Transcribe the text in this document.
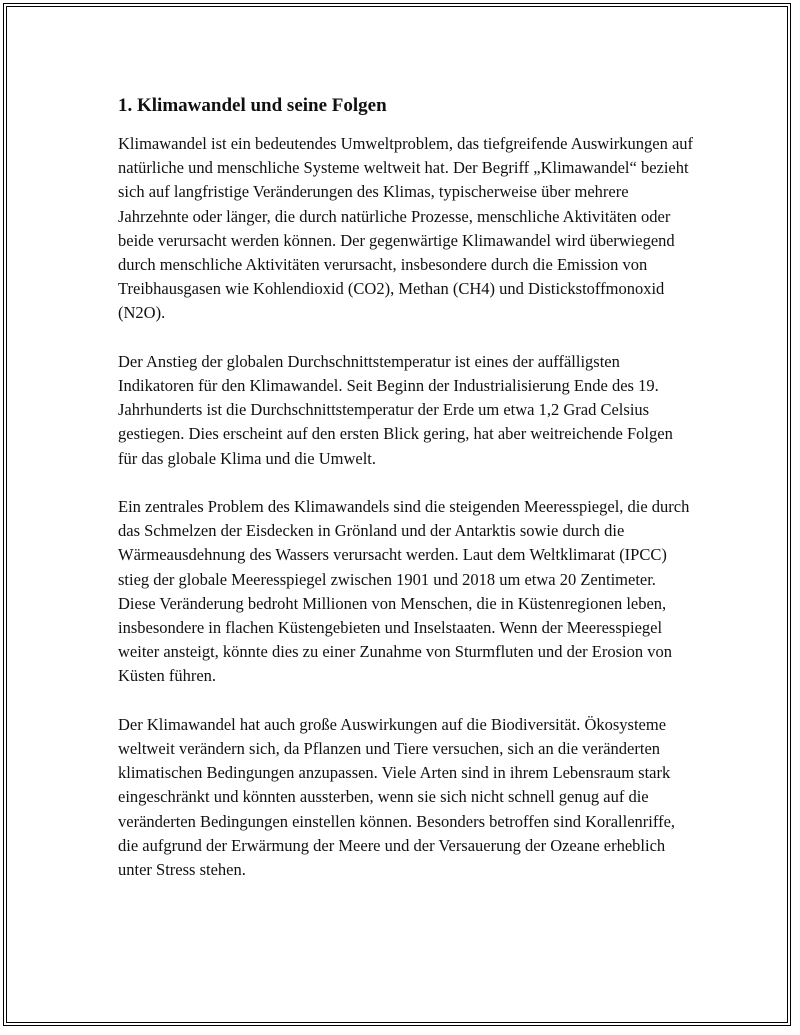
1. Klimawandel und seine Folgen

Klimawandel ist ein bedeutendes Umweltproblem, das tiefgreifende Auswirkungen auf natürliche und menschliche Systeme weltweit hat. Der Begriff „Klimawandel“ bezieht sich auf langfristige Veränderungen des Klimas, typischerweise über mehrere Jahrzehnte oder länger, die durch natürliche Prozesse, menschliche Aktivitäten oder beide verursacht werden können. Der gegenwärtige Klimawandel wird überwiegend durch menschliche Aktivitäten verursacht, insbesondere durch die Emission von Treibhausgasen wie Kohlendioxid (CO2), Methan (CH4) und Distickstoffmonoxid (N2O).

Der Anstieg der globalen Durchschnittstemperatur ist eines der auffälligsten Indikatoren für den Klimawandel. Seit Beginn der Industrialisierung Ende des 19. Jahrhunderts ist die Durchschnittstemperatur der Erde um etwa 1,2 Grad Celsius gestiegen. Dies erscheint auf den ersten Blick gering, hat aber weitreichende Folgen für das globale Klima und die Umwelt.

Ein zentrales Problem des Klimawandels sind die steigenden Meeresspiegel, die durch das Schmelzen der Eisdecken in Grönland und der Antarktis sowie durch die Wärmeausdehnung des Wassers verursacht werden. Laut dem Weltklimarat (IPCC) stieg der globale Meeresspiegel zwischen 1901 und 2018 um etwa 20 Zentimeter. Diese Veränderung bedroht Millionen von Menschen, die in Küstenregionen leben, insbesondere in flachen Küstengebieten und Inselstaaten. Wenn der Meeresspiegel weiter ansteigt, könnte dies zu einer Zunahme von Sturmfluten und der Erosion von Küsten führen.

Der Klimawandel hat auch große Auswirkungen auf die Biodiversität. Ökosysteme weltweit verändern sich, da Pflanzen und Tiere versuchen, sich an die veränderten klimatischen Bedingungen anzupassen. Viele Arten sind in ihrem Lebensraum stark eingeschränkt und könnten aussterben, wenn sie sich nicht schnell genug auf die veränderten Bedingungen einstellen können. Besonders betroffen sind Korallenriffe, die aufgrund der Erwärmung der Meere und der Versauerung der Ozeane erheblich unter Stress stehen.
